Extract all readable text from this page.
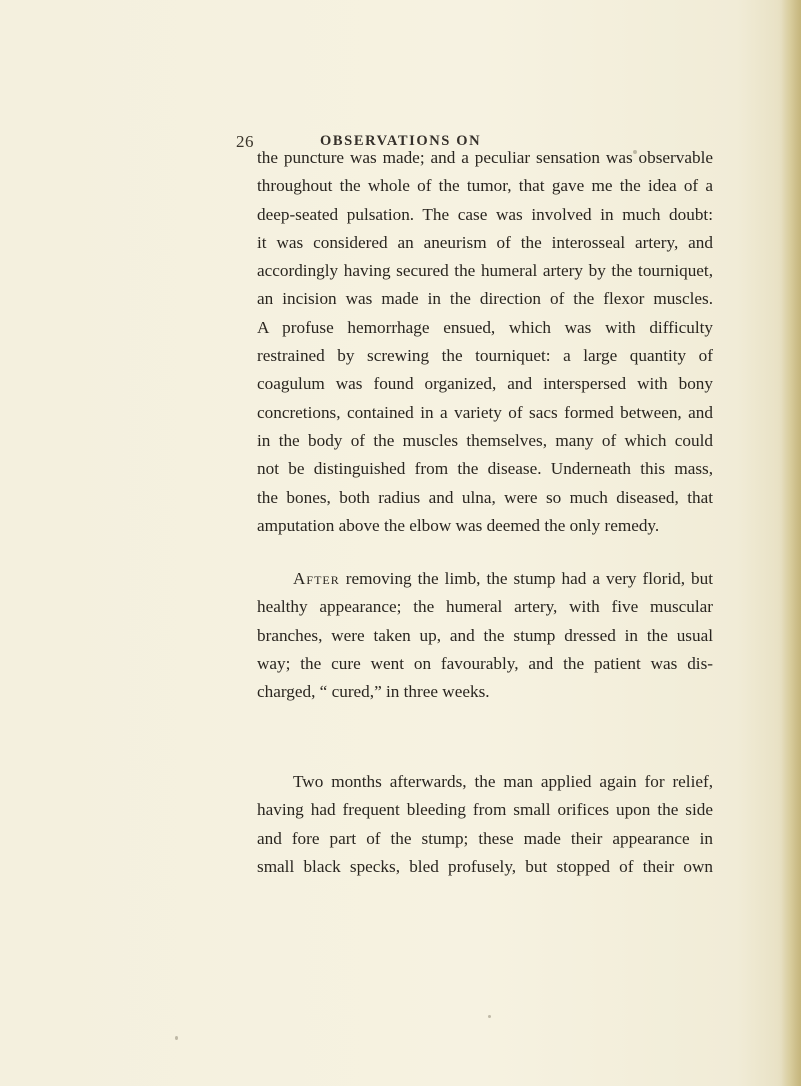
26	OBSERVATIONS ON

the puncture was made; and a peculiar sensation was observable
throughout the whole of the tumor, that gave me the idea of a
deep-seated pulsation. The case was involved in much doubt:
it was considered an aneurism of the interosseal artery, and
accordingly having secured the humeral artery by the tourniquet,
an incision was made in the direction of the flexor muscles.
A profuse hemorrhage ensued, which was with difficulty
restrained by screwing the tourniquet: a large quantity of
coagulum was found organized, and interspersed with bony
concretions, contained in a variety of sacs formed between, and
in the body of the muscles themselves, many of which could
not be distinguished from the disease. Underneath this mass,
the bones, both radius and ulna, were so much diseased, that
amputation above the elbow was deemed the only remedy.

After removing the limb, the stump had a very florid, but
healthy appearance; the humeral artery, with five muscular
branches, were taken up, and the stump dressed in the usual
way; the cure went on favourably, and the patient was dis-
charged, “ cured,” in three weeks.

Two months afterwards, the man applied again for relief,
having had frequent bleeding from small orifices upon the side
and fore part of the stump; these made their appearance in
small black specks, bled profusely, but stopped of their own
